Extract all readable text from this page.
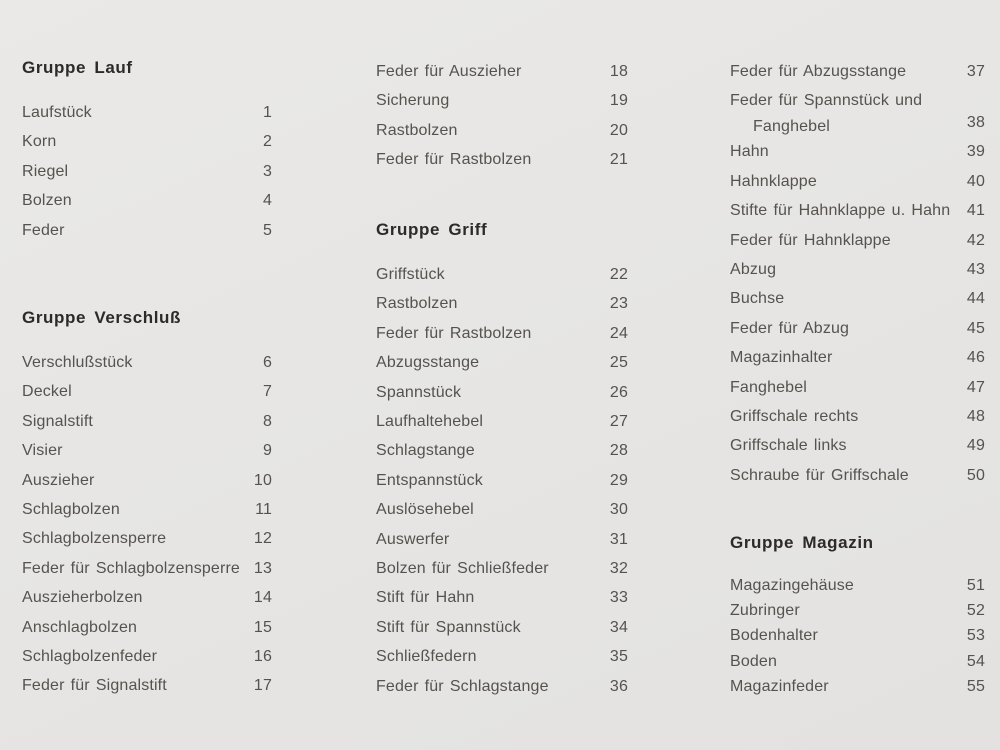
Gruppe Lauf
Laufstück	1
Korn	2
Riegel	3
Bolzen	4
Feder	5
Gruppe Verschluß
Verschlußstück	6
Deckel	7
Signalstift	8
Visier	9
Auszieher	10
Schlagbolzen	11
Schlagbolzensperre	12
Feder für Schlagbolzensperre 13
Auszieherbolzen	14
Anschlagbolzen	15
Schlagbolzenfeder	16
Feder für Signalstift	17
Feder für Auszieher	18
Sicherung	19
Rastbolzen	20
Feder für Rastbolzen	21
Gruppe Griff
Griffstück	22
Rastbolzen	23
Feder für Rastbolzen	24
Abzugsstange	25
Spannstück	26
Laufhaltehebel	27
Schlagstange	28
Entspannstück	29
Auslösehebel	30
Auswerfer	31
Bolzen für Schließfeder	32
Stift für Hahn	33
Stift für Spannstück	34
Schließfedern	35
Feder für Schlagstange	36
Feder für Abzugsstange	37
Feder für Spannstück und
Fanghebel	38
Hahn	39
Hahnklappe	40
Stifte für Hahnklappe u. Hahn	41
Feder für Hahnklappe	42
Abzug	43
Buchse	44
Feder für Abzug	45
Magazinhalter	46
Fanghebel	47
Griffschale rechts	48
Griffschale links	49
Schraube für Griffschale	50
Gruppe Magazin
Magazingehäuse	51
Zubringer	52
Bodenhalter	53
Boden	54
Magazinfeder	55
